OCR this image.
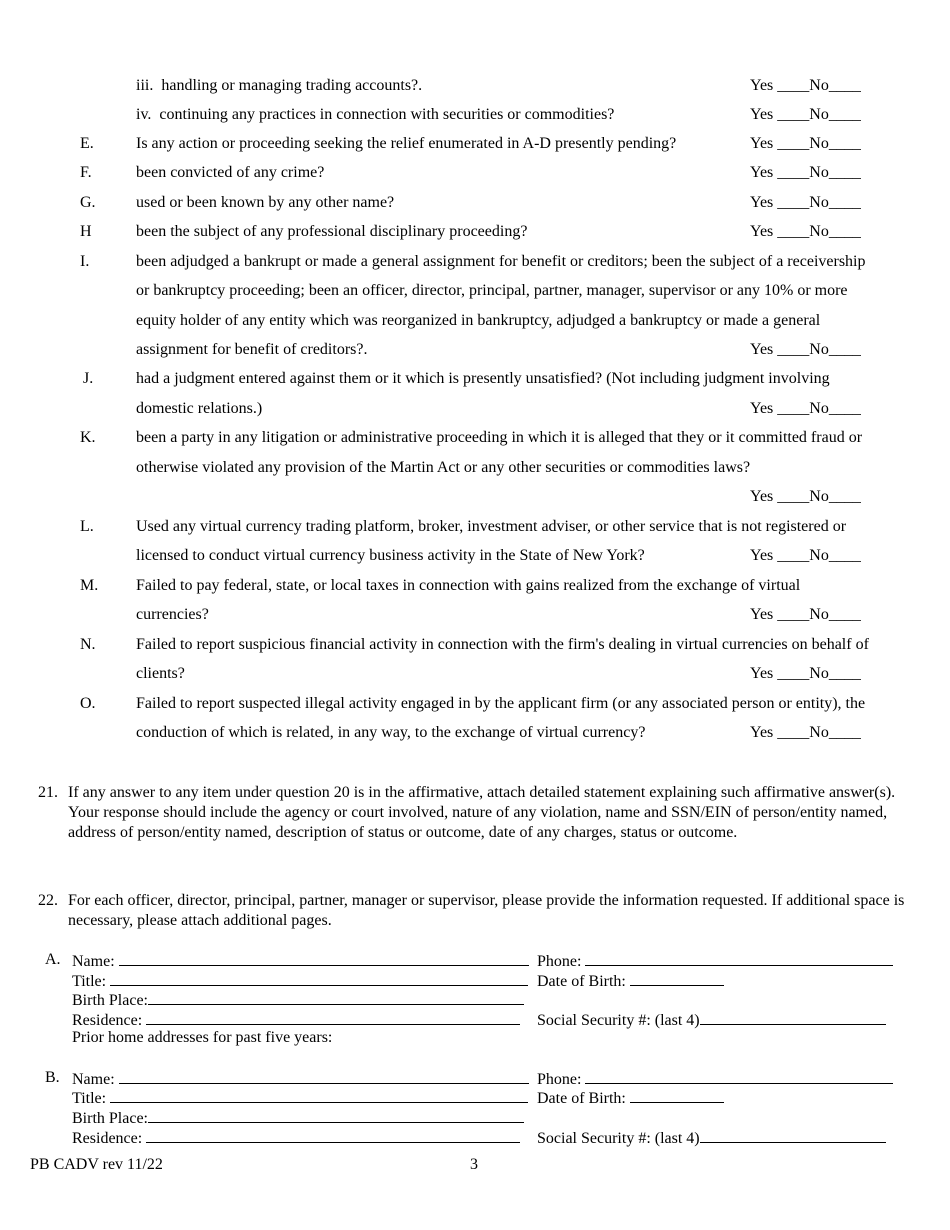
iii. handling or managing trading accounts?.	Yes ____No____
iv. continuing any practices in connection with securities or commodities?	Yes ____No____
E.	Is any action or proceeding seeking the relief enumerated in A-D presently pending?	Yes ____No____
F.	been convicted of any crime?	Yes ____No____
G.	used or been known by any other name?	Yes ____No____
H	been the subject of any professional disciplinary proceeding?	Yes ____No____
I.	been adjudged a bankrupt or made a general assignment for benefit or creditors; been the subject of a receivership
or bankruptcy proceeding; been an officer, director, principal, partner, manager, supervisor or any 10% or more
equity holder of any entity which was reorganized in bankruptcy, adjudged a bankruptcy or made a general
assignment for benefit of creditors?.	Yes ____No____
J.	had a judgment entered against them or it which is presently unsatisfied? (Not including judgment involving
domestic relations.)	Yes ____No____
K.	been a party in any litigation or administrative proceeding in which it is alleged that they or it committed fraud or
otherwise violated any provision of the Martin Act or any other securities or commodities laws?
Yes ____No____
L.	Used any virtual currency trading platform, broker, investment adviser, or other service that is not registered or
licensed to conduct virtual currency business activity in the State of New York?	Yes ____No____
M. Failed to pay federal, state, or local taxes in connection with gains realized from the exchange of virtual
currencies?	Yes ____No____
N.	Failed to report suspicious financial activity in connection with the firm's dealing in virtual currencies on behalf of
clients?	Yes ____No____
O.	Failed to report suspected illegal activity engaged in by the applicant firm (or any associated person or entity), the
conduction of which is related, in any way, to the exchange of virtual currency?	Yes ____No____
21. If any answer to any item under question 20 is in the affirmative, attach detailed statement explaining such affirmative answer(s). Your response should include the agency or court involved, nature of any violation, name and SSN/EIN of person/entity named, address of person/entity named, description of status or outcome, date of any charges, status or outcome.
22. For each officer, director, principal, partner, manager or supervisor, please provide the information requested. If additional space is necessary, please attach additional pages.
A. Name:	Phone:
Title:	Date of Birth:
Birth Place:
Residence:	Social Security #: (last 4)
Prior home addresses for past five years:
B. Name:	Phone:
Title:	Date of Birth:
Birth Place:
Residence:	Social Security #: (last 4)
PB CADV rev 11/22	3
